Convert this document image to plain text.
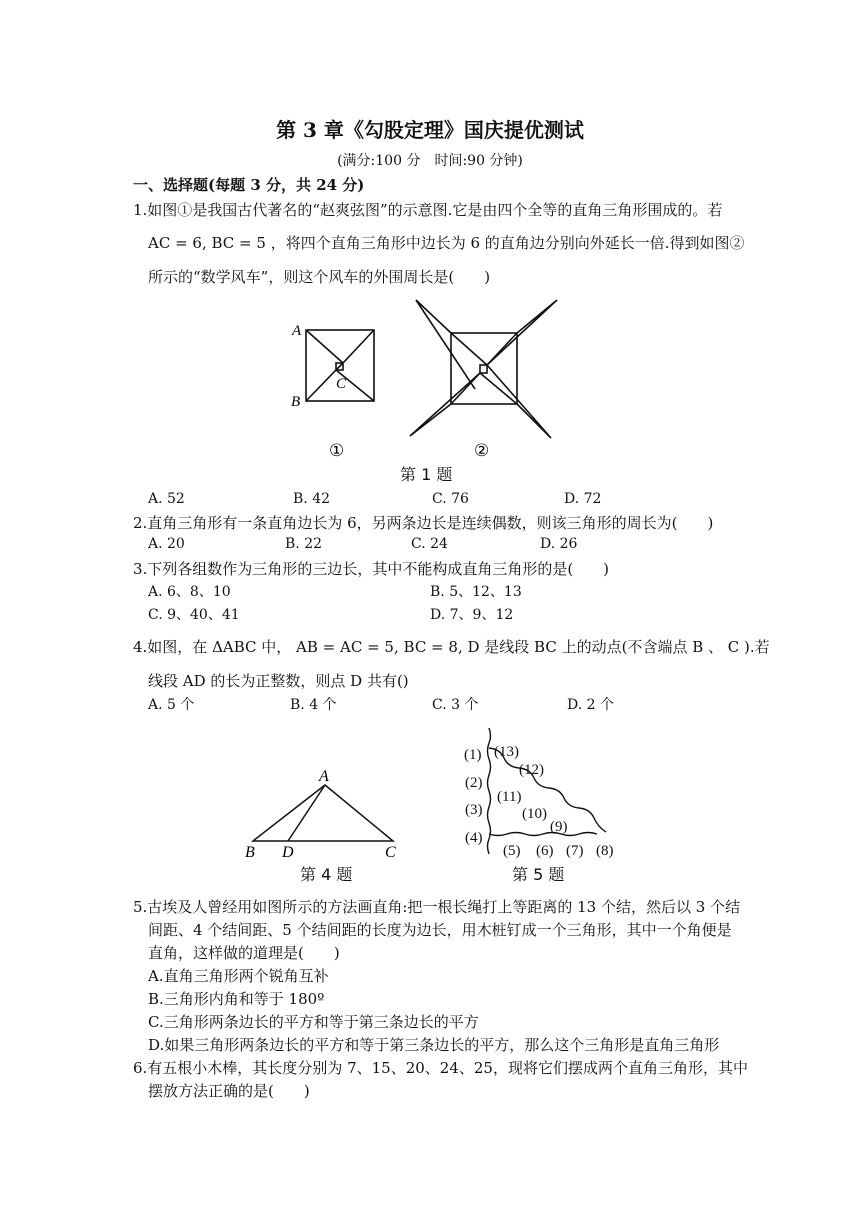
第 3 章《勾股定理》国庆提优测试
(满分:100 分　时间:90 分钟)
一、选择题(每题 3 分，共 24 分)
1.如图①是我国古代著名的“赵爽弦图”的示意图.它是由四个全等的直角三角形围成的。若
AC = 6, BC = 5 ，将四个直角三角形中边长为 6 的直角边分别向外延长一倍.得到如图②
所示的“数学风车”，则这个风车的外围周长是(　　)
A
B
C
①	②
第 1 题
A. 52	B. 42	C. 76	D. 72
2.直角三角形有一条直角边长为 6，另两条边长是连续偶数，则该三角形的周长为(　　)
A. 20	B. 22	C. 24	D. 26
3.下列各组数作为三角形的三边长，其中不能构成直角三角形的是(　　)
A. 6、8、10	B. 5、12、13
C. 9、40、41	D. 7、9、12
4.如图，在 ΔABC 中， AB = AC = 5, BC = 8, D 是线段 BC 上的动点(不含端点 B 、 C ).若
线段 AD 的长为正整数，则点 D 共有()
A. 5 个	B. 4 个	C. 3 个	D. 2 个
A
B D	C
第 4 题
(1)
(2)
(3)
(4)
(5) (6) (7) (8)
(9)
(10)
(11)
(12)
(13)
第 5 题
5.古埃及人曾经用如图所示的方法画直角:把一根长绳打上等距离的 13 个结，然后以 3 个结
间距、4 个结间距、5 个结间距的长度为边长，用木桩钉成一个三角形，其中一个角便是
直角，这样做的道理是(　　)
A.直角三角形两个锐角互补
B.三角形内角和等于 180º
C.三角形两条边长的平方和等于第三条边长的平方
D.如果三角形两条边长的平方和等于第三条边长的平方，那么这个三角形是直角三角形
6.有五根小木棒，其长度分别为 7、15、20、24、25，现将它们摆成两个直角三角形，其中
摆放方法正确的是(　　)
